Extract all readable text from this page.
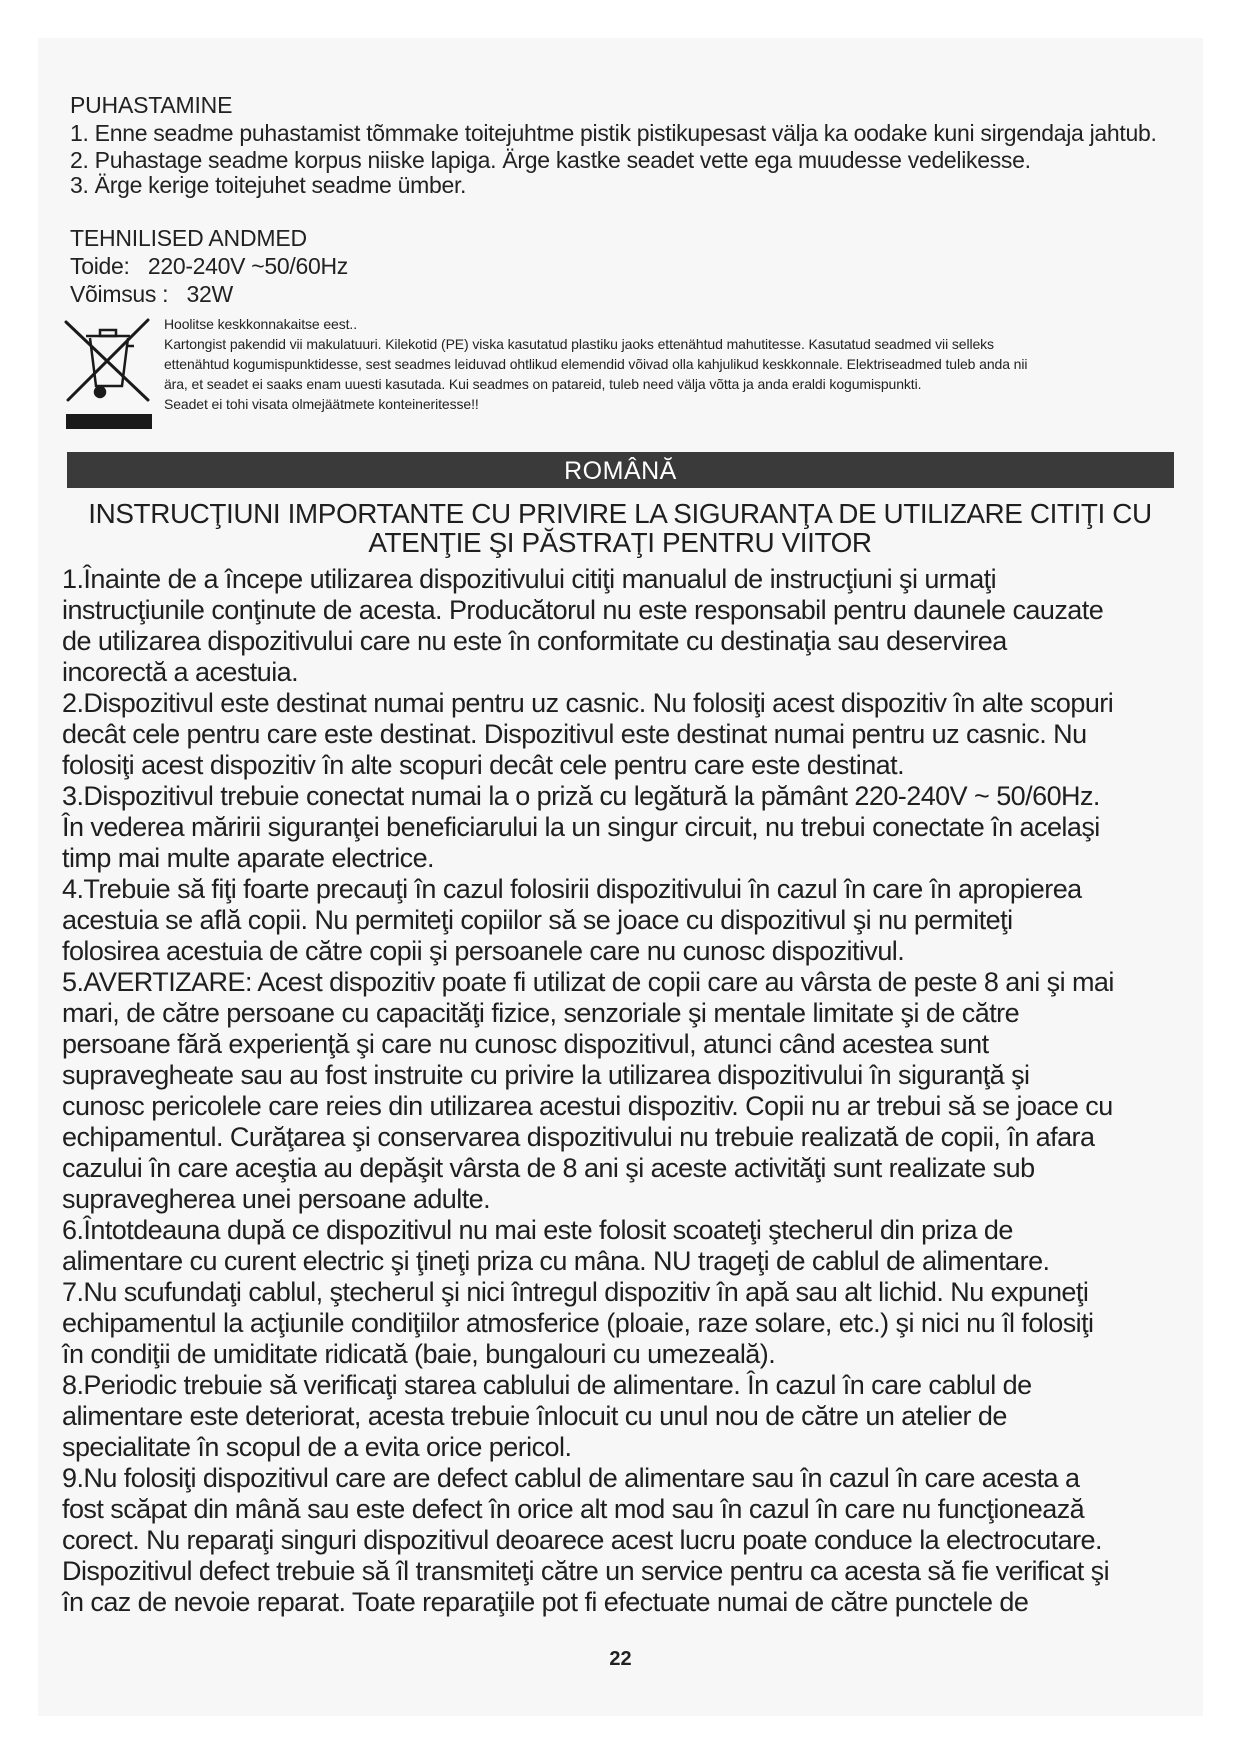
PUHASTAMINE
1. Enne seadme puhastamist tõmmake toitejuhtme pistik pistikupesast välja ka oodake kuni sirgendaja jahtub.
2. Puhastage seadme korpus niiske lapiga. Ärge kastke seadet vette ega muudesse vedelikesse.
3. Ärge kerige toitejuhet seadme ümber.
TEHNILISED ANDMED
Toide:   220-240V ~50/60Hz
Võimsus :   32W
Hoolitse keskkonnakaitse eest..
Kartongist pakendid vii makulatuuri. Kilekotid (PE) viska kasutatud plastiku jaoks ettenähtud mahutitesse. Kasutatud seadmed vii selleks
ettenähtud kogumispunktidesse, sest seadmes leiduvad ohtlikud elemendid võivad olla kahjulikud keskkonnale. Elektriseadmed tuleb anda nii
ära, et seadet ei saaks enam uuesti kasutada. Kui seadmes on patareid, tuleb need välja võtta ja anda eraldi kogumispunkti.
Seadet ei tohi visata olmejäätmete konteineritesse!!
ROMÂNĂ
INSTRUCŢIUNI IMPORTANTE CU PRIVIRE LA SIGURANŢA DE UTILIZARE CITIŢI CU
ATENŢIE ŞI PĂSTRAŢI PENTRU VIITOR
1.Înainte de a începe utilizarea dispozitivului citiţi manualul de instrucţiuni şi urmaţi
instrucţiunile conţinute de acesta. Producătorul nu este responsabil pentru daunele cauzate
de utilizarea dispozitivului care nu este în conformitate cu destinaţia sau deservirea
incorectă a acestuia.
2.Dispozitivul este destinat numai pentru uz casnic. Nu folosiţi acest dispozitiv în alte scopuri
decât cele pentru care este destinat. Dispozitivul este destinat numai pentru uz casnic. Nu
folosiţi acest dispozitiv în alte scopuri decât cele pentru care este destinat.
3.Dispozitivul trebuie conectat numai la o priză cu legătură la pământ 220-240V ~ 50/60Hz.
În vederea măririi siguranţei beneficiarului la un singur circuit, nu trebui conectate în acelaşi
timp mai multe aparate electrice.
4.Trebuie să fiţi foarte precauţi în cazul folosirii dispozitivului în cazul în care în apropierea
acestuia se află copii. Nu permiteţi copiilor să se joace cu dispozitivul şi nu permiteţi
folosirea acestuia de către copii şi persoanele care nu cunosc dispozitivul.
5.AVERTIZARE: Acest dispozitiv poate fi utilizat de copii care au vârsta de peste 8 ani şi mai
mari, de către persoane cu capacităţi fizice, senzoriale şi mentale limitate şi de către
persoane fără experienţă şi care nu cunosc dispozitivul, atunci când acestea sunt
supravegheate sau au fost instruite cu privire la utilizarea dispozitivului în siguranţă şi
cunosc pericolele care reies din utilizarea acestui dispozitiv. Copii nu ar trebui să se joace cu
echipamentul. Curăţarea şi conservarea dispozitivului nu trebuie realizată de copii, în afara
cazului în care aceştia au depăşit vârsta de 8 ani şi aceste activităţi sunt realizate sub
supravegherea unei persoane adulte.
6.Întotdeauna după ce dispozitivul nu mai este folosit scoateţi ştecherul din priza de
alimentare cu curent electric şi ţineţi priza cu mâna. NU trageţi de cablul de alimentare.
7.Nu scufundaţi cablul, ştecherul şi nici întregul dispozitiv în apă sau alt lichid. Nu expuneţi
echipamentul la acţiunile condiţiilor atmosferice (ploaie, raze solare, etc.) şi nici nu îl folosiţi
în condiţii de umiditate ridicată (baie, bungalouri cu umezeală).
8.Periodic trebuie să verificaţi starea cablului de alimentare. În cazul în care cablul de
alimentare este deteriorat, acesta trebuie înlocuit cu unul nou de către un atelier de
specialitate în scopul de a evita orice pericol.
9.Nu folosiţi dispozitivul care are defect cablul de alimentare sau în cazul în care acesta a
fost scăpat din mână sau este defect în orice alt mod sau în cazul în care nu funcţionează
corect. Nu reparaţi singuri dispozitivul deoarece acest lucru poate conduce la electrocutare.
Dispozitivul defect trebuie să îl transmiteţi către un service pentru ca acesta să fie verificat şi
în caz de nevoie reparat. Toate reparaţiile pot fi efectuate numai de către punctele de
22
